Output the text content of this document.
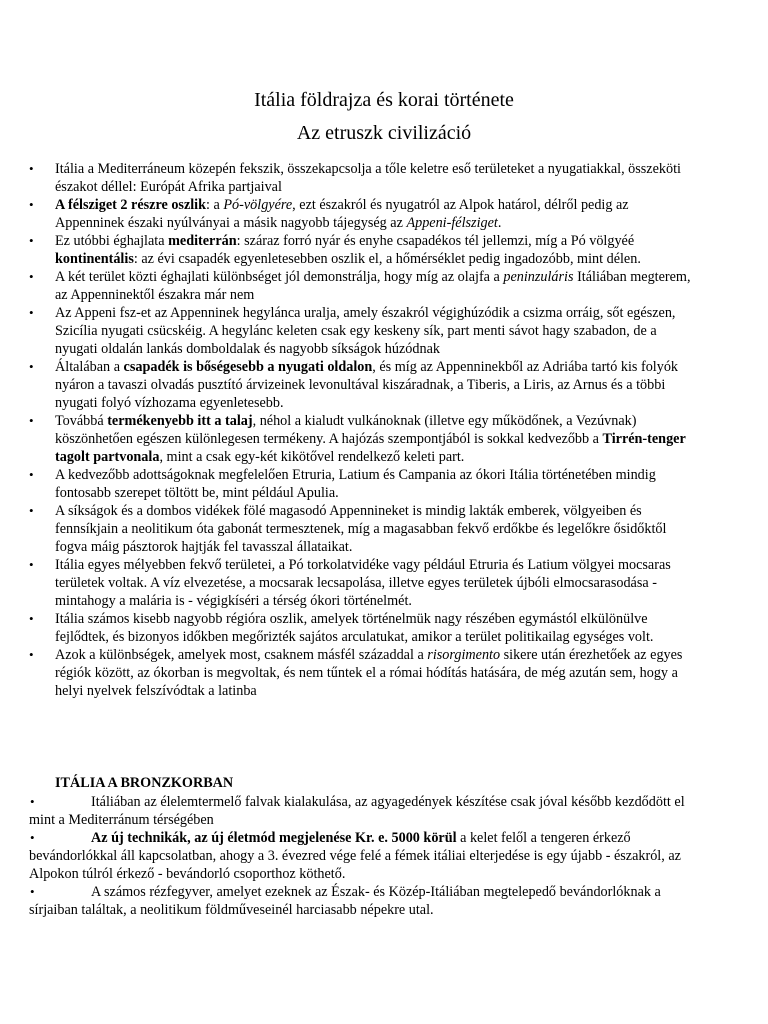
Itália földrajza és korai története
Az etruszk civilizáció
• Itália a Mediterráneum közepén fekszik, összekapcsolja a tőle keletre eső területeket a nyugatiakkal, összeköti északot déllel: Európát Afrika partjaival
• A félsziget 2 részre oszlik: a Pó-völgyére, ezt északról és nyugatról az Alpok határol, délről pedig az Appenninek északi nyúlványai a másik nagyobb tájegység az Appeni-félsziget.
• Ez utóbbi éghajlata mediterrán: száraz forró nyár és enyhe csapadékos tél jellemzi, míg a Pó völgyéé kontinentális: az évi csapadék egyenletesebben oszlik el, a hőmérséklet pedig ingadozóbb, mint délen.
• A két terület közti éghajlati különbséget jól demonstrálja, hogy míg az olajfa a peninzuláris Itáliában megterem, az Appenninektől északra már nem
• Az Appeni fsz-et az Appenninek hegylánca uralja, amely északról végighúzódik a csizma orráig, sőt egészen, Szicília nyugati csücskéig. A hegylánc keleten csak egy keskeny sík, part menti sávot hagy szabadon, de a nyugati oldalán lankás domboldalak és nagyobb síkságok húzódnak
• Általában a csapadék is bőségesebb a nyugati oldalon, és míg az Appenninekből az Adriába tartó kis folyók nyáron a tavaszi olvadás pusztító árvizeinek levonultával kiszáradnak, a Tiberis, a Liris, az Arnus és a többi nyugati folyó vízhozama egyenletesebb.
• Továbbá termékenyebb itt a talaj, néhol a kialudt vulkánoknak (illetve egy működőnek, a Vezúvnak) köszönhetően egészen különlegesen termékeny. A hajózás szempontjából is sokkal kedvezőbb a Tirrén-tenger tagolt partvonala, mint a csak egy-két kikötővel rendelkező keleti part.
• A kedvezőbb adottságoknak megfelelően Etruria, Latium és Campania az ókori Itália történetében mindig fontosabb szerepet töltött be, mint például Apulia.
• A síkságok és a dombos vidékek fölé magasodó Appennineket is mindig lakták emberek, völgyeiben és fennsíkjain a neolitikum óta gabonát termesztenek, míg a magasabban fekvő erdőkbe és legelőkre ősidőktől fogva máig pásztorok hajtják fel tavasszal állataikat.
• Itália egyes mélyebben fekvő területei, a Pó torkolatvidéke vagy például Etruria és Latium völgyei mocsaras területek voltak. A víz elvezetése, a mocsarak lecsapolása, illetve egyes területek újbóli elmocsarasodása - mintahogy a malária is - végigkíséri a térség ókori történelmét.
• Itália számos kisebb nagyobb régióra oszlik, amelyek történelmük nagy részében egymástól elkülönülve fejlődtek, és bizonyos időkben megőrizték sajátos arculatukat, amikor a terület politikailag egységes volt.
• Azok a különbségek, amelyek most, csaknem másfél századdal a risorgimento sikere után érezhetőek az egyes régiók között, az ókorban is megvoltak, és nem tűntek el a római hódítás hatására, de még azután sem, hogy a helyi nyelvek felszívódtak a latinba
ITÁLIA A BRONZKORBAN
•	Itáliában az élelemtermelő falvak kialakulása, az agyagedények készítése csak jóval később kezdődött el mint a Mediterránum térségében
•	Az új technikák, az új életmód megjelenése Kr. e. 5000 körül a kelet felől a tengeren érkező bevándorlókkal áll kapcsolatban, ahogy a 3. évezred vége felé a fémek itáliai elterjedése is egy újabb - északról, az Alpokon túlról érkező - bevándorló csoporthoz köthető.
•	A számos rézfegyver, amelyet ezeknek az Észak- és Közép-Itáliában megtelepedő bevándorlóknak a sírjaiban találtak, a neolitikum földműveseinél harciasabb népekre utal.
